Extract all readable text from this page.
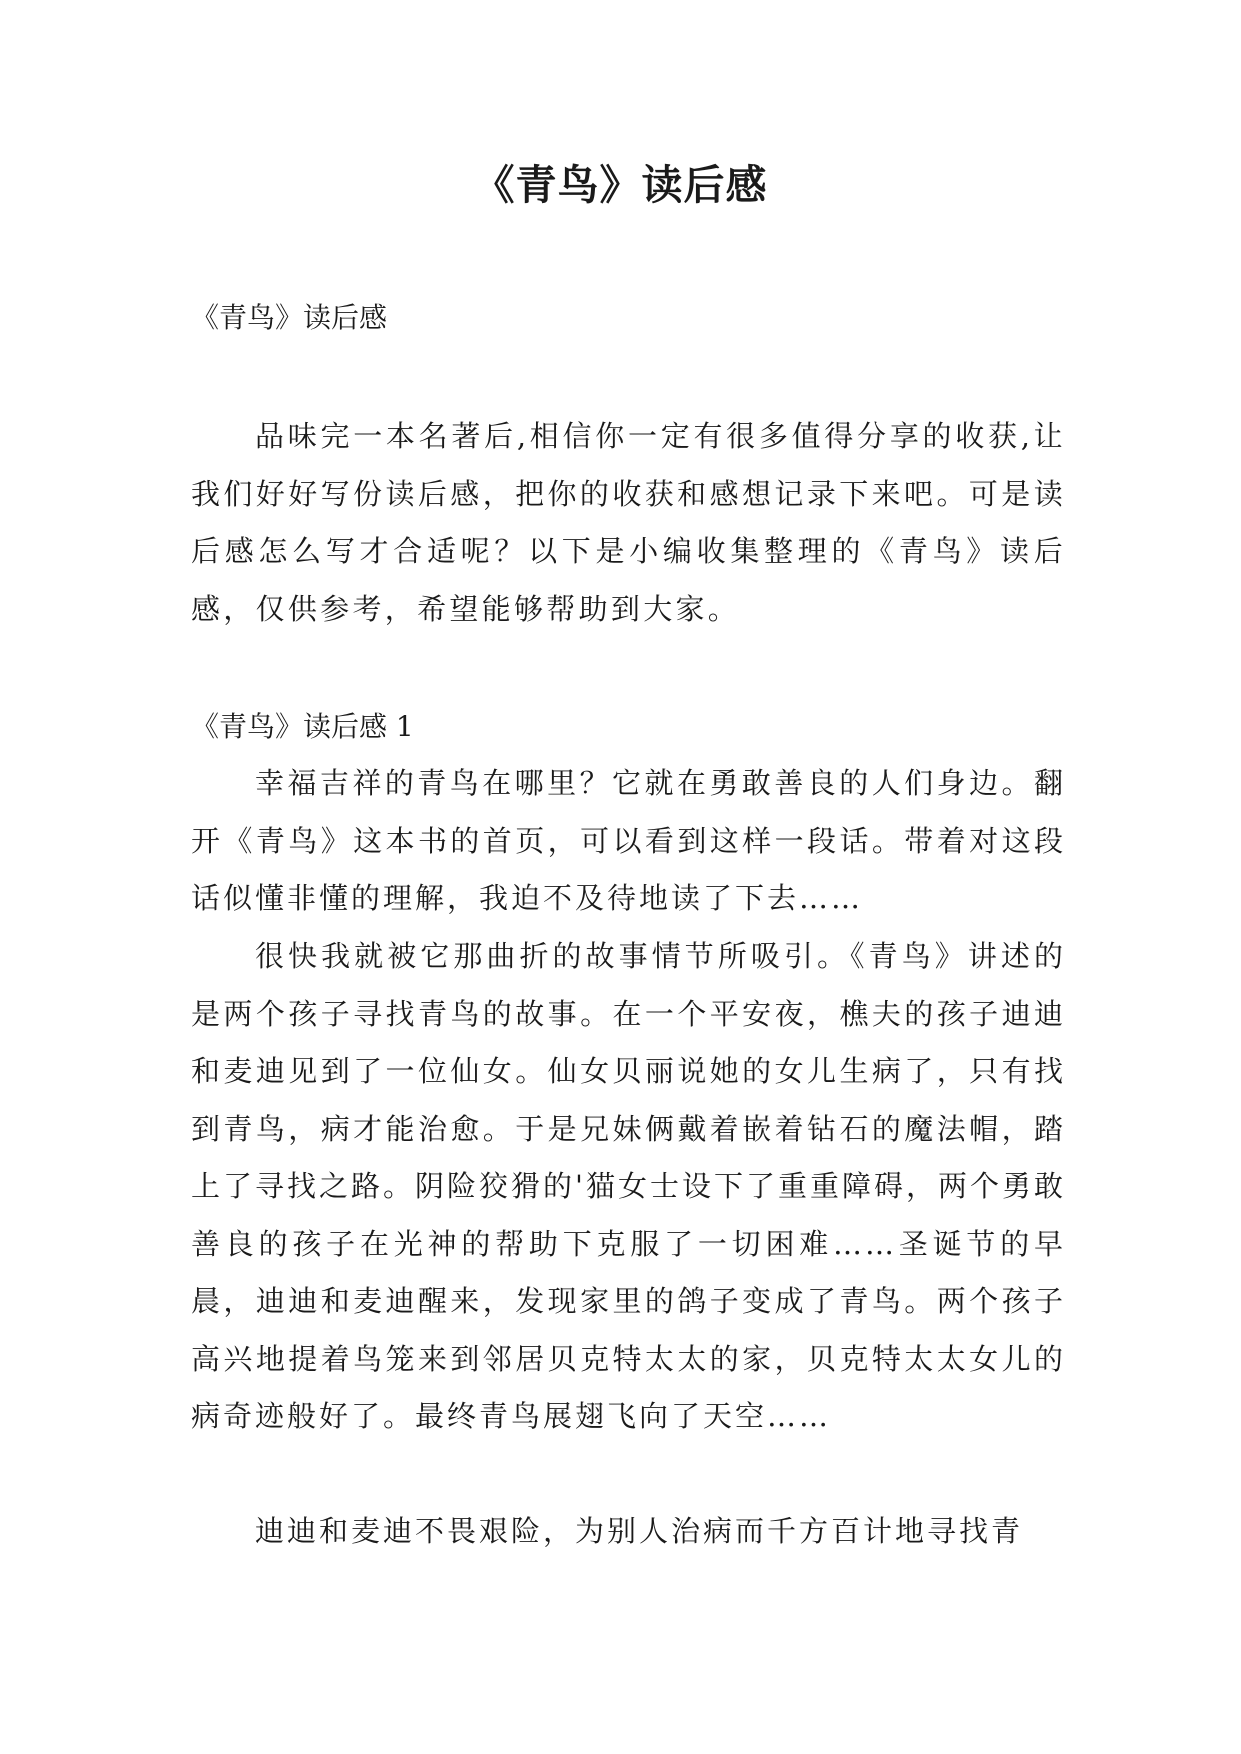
《青鸟》读后感

《青鸟》读后感

品味完一本名著后,相信你一定有很多值得分享的收获,让我们好好写份读后感，把你的收获和感想记录下来吧。可是读后感怎么写才合适呢？以下是小编收集整理的《青鸟》读后感，仅供参考，希望能够帮助到大家。

《青鸟》读后感 1

幸福吉祥的青鸟在哪里？它就在勇敢善良的人们身边。翻开《青鸟》这本书的首页，可以看到这样一段话。带着对这段话似懂非懂的理解，我迫不及待地读了下去……

很快我就被它那曲折的故事情节所吸引。《青鸟》讲述的是两个孩子寻找青鸟的故事。在一个平安夜，樵夫的孩子迪迪和麦迪见到了一位仙女。仙女贝丽说她的女儿生病了，只有找到青鸟，病才能治愈。于是兄妹俩戴着嵌着钻石的魔法帽，踏上了寻找之路。阴险狡猾的'猫女士设下了重重障碍，两个勇敢善良的孩子在光神的帮助下克服了一切困难……圣诞节的早晨，迪迪和麦迪醒来，发现家里的鸽子变成了青鸟。两个孩子高兴地提着鸟笼来到邻居贝克特太太的家，贝克特太太女儿的病奇迹般好了。最终青鸟展翅飞向了天空……

迪迪和麦迪不畏艰险，为别人治病而千方百计地寻找青
